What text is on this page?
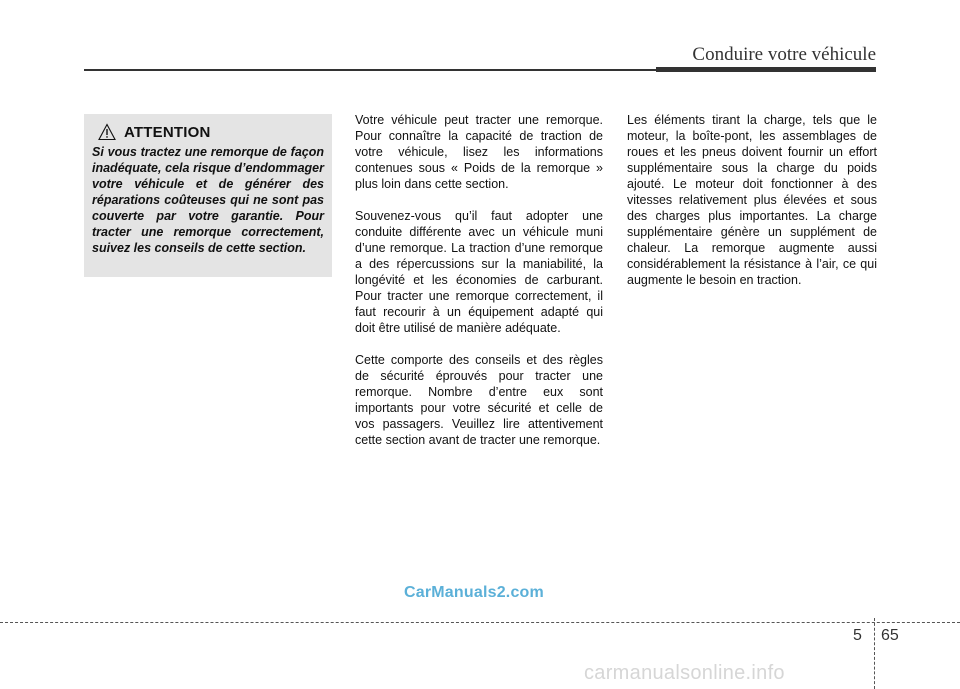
Conduire votre véhicule
ATTENTION

Si vous tractez une remorque de façon inadéquate, cela risque d’endommager votre véhicule et de générer des réparations coûteuses qui ne sont pas couverte par votre garantie. Pour tracter une remorque correctement, suivez les conseils de cette section.

Votre véhicule peut tracter une remorque. Pour connaître la capacité de traction de votre véhicule, lisez les informations contenues sous « Poids de la remorque » plus loin dans cette section.

Souvenez-vous qu’il faut adopter une conduite différente avec un véhicule muni d’une remorque. La traction d’une remorque a des répercussions sur la maniabilité, la longévité et les économies de carburant. Pour tracter une remorque correctement, il faut recourir à un équipement adapté qui doit être utilisé de manière adéquate.

Cette comporte des conseils et des règles de sécurité éprouvés pour tracter une remorque. Nombre d’entre eux sont importants pour votre sécurité et celle de vos passagers. Veuillez lire attentivement cette section avant de tracter une remorque.

Les éléments tirant la charge, tels que le moteur, la boîte-pont, les assemblages de roues et les pneus doivent fournir un effort supplémentaire sous la charge du poids ajouté. Le moteur doit fonctionner à des vitesses relativement plus élevées et sous des charges plus importantes. La charge supplémentaire génère un supplément de chaleur. La remorque augmente aussi considérablement la résistance à l’air, ce qui augmente le besoin en traction.

CarManuals2.com
5 65
carmanualsonline.info
